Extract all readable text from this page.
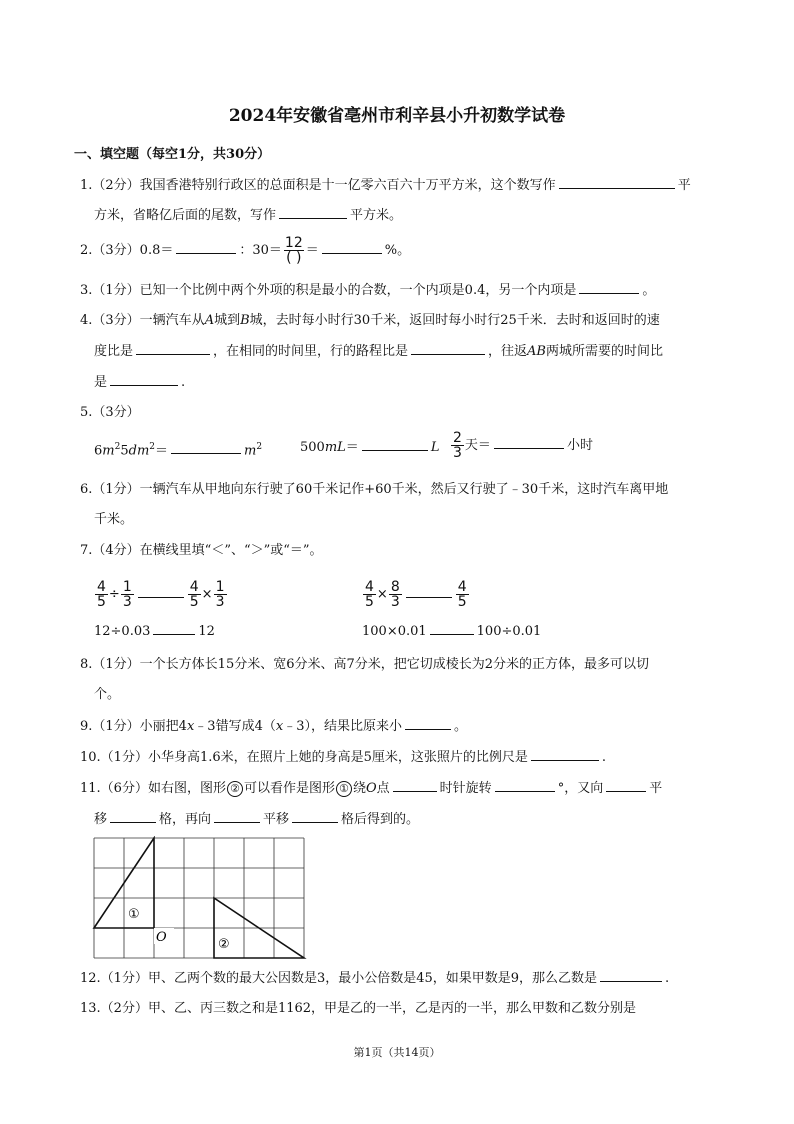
2024年安徽省亳州市利辛县小升初数学试卷
一、填空题（每空1分，共30分）
1.（2分）我国香港特别行政区的总面积是十一亿零六百六十万平方米，这个数写作	平
方米，省略亿后面的尾数，写作	平方米。
2.（3分）0.8＝	：$30= \frac{12}{( )}$ ＝	%。
3.（1分）已知一个比例中两个外项的积是最小的合数，一个内项是0.4，另一个内项是	。
4.（3分）一辆汽车从A城到B城，去时每小时行30千米，返回时每小时行25千米．去时和返回时的速
度比是	，在相同的时间里，行的路程比是	，往返AB两城所需要的时间比
是	.
5.（3分）
$6m^25dm^2=$	$m^2$	500mL＝	L $\frac{2}{3}$ 天＝	小时
6.（1分）一辆汽车从甲地向东行驶了60千米记作+60千米，然后又行驶了﹣30千米，这时汽车离甲地
千米。
7.（4分）在横线里填“＜”、“＞”或“＝”。
$\frac{4}{5} \div \frac{1}{3}$	$\frac{4}{5} \times \frac{1}{3}$	$\frac{4}{5} \times \frac{8}{3}$	$\frac{4}{5}$
12÷0.03	12	100×0.01	100÷0.01
8.（1分）一个长方体长15分米、宽6分米、高7分米，把它切成棱长为2分米的正方体，最多可以切
个。
9.（1分）小丽把4x﹣3错写成4（x﹣3），结果比原来小	。
10.（1分）小华身高1.6米，在照片上她的身高是5厘米，这张照片的比例尺是	.
11.（6分）如右图，图形 ② 可以看作是图形 ① 绕O点	时针旋转	°，又向	平
移	格，再向	平移	格后得到的。
①
②
O
12.（1分）甲、乙两个数的最大公因数是3，最小公倍数是45，如果甲数是9，那么乙数是	.
13.（2分）甲、乙、丙三数之和是1162，甲是乙的一半，乙是丙的一半，那么甲数和乙数分别是
第1页（共14页）
